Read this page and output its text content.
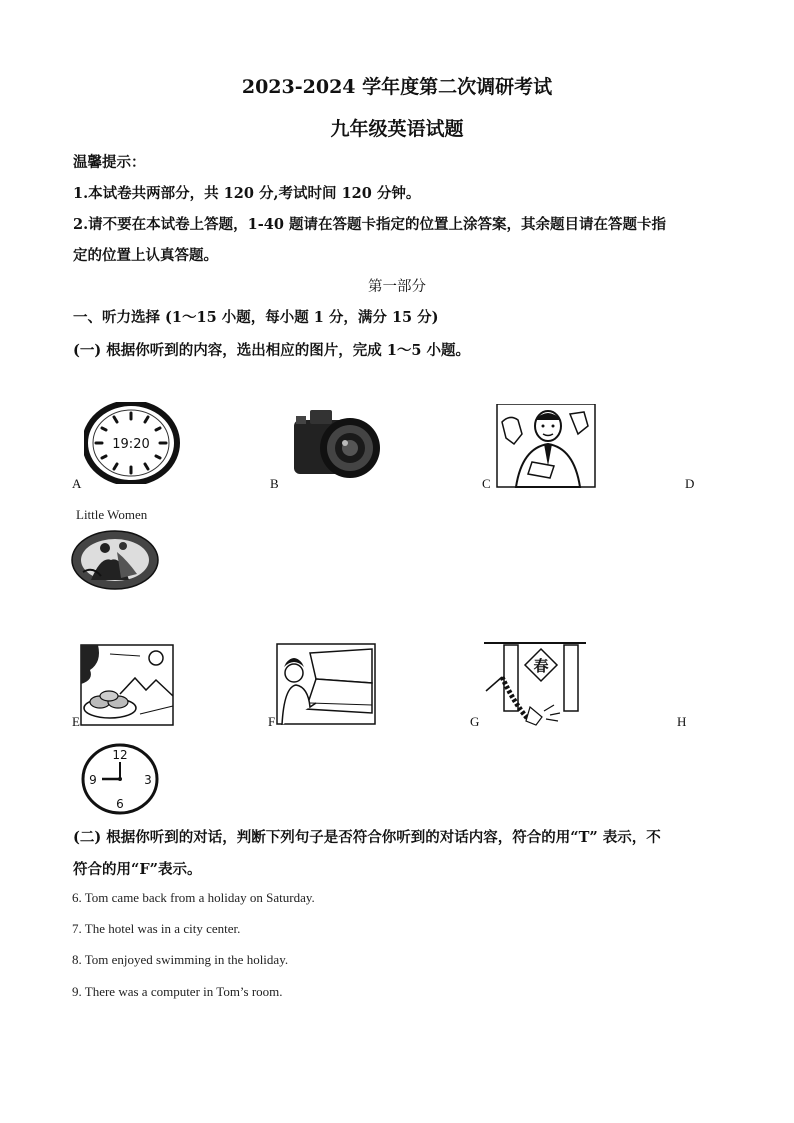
2023-2024 学年度第二次调研考试
九年级英语试题
温馨提示：
1.本试卷共两部分，共 120 分,考试时间 120 分钟。
2.请不要在本试卷上答题，1-40 题请在答题卡指定的位置上涂答案，其余题目请在答题卡指
定的位置上认真答题。
第一部分
一、听力选择 (1～15 小题，每小题 1 分，满分 15 分)
(一) 根据你听到的内容，选出相应的图片，完成 1～5 小题。
19:20
A	B	C	D
Little Women
E	F
春
G	H
12
3
6
9
(二) 根据你听到的对话，判断下列句子是否符合你听到的对话内容，符合的用“T” 表示，不
符合的用“F”表示。
6. Tom came back from a holiday on Saturday.
7. The hotel was in a city center.
8. Tom enjoyed swimming in the holiday.
9. There was a computer in Tom’s room.
